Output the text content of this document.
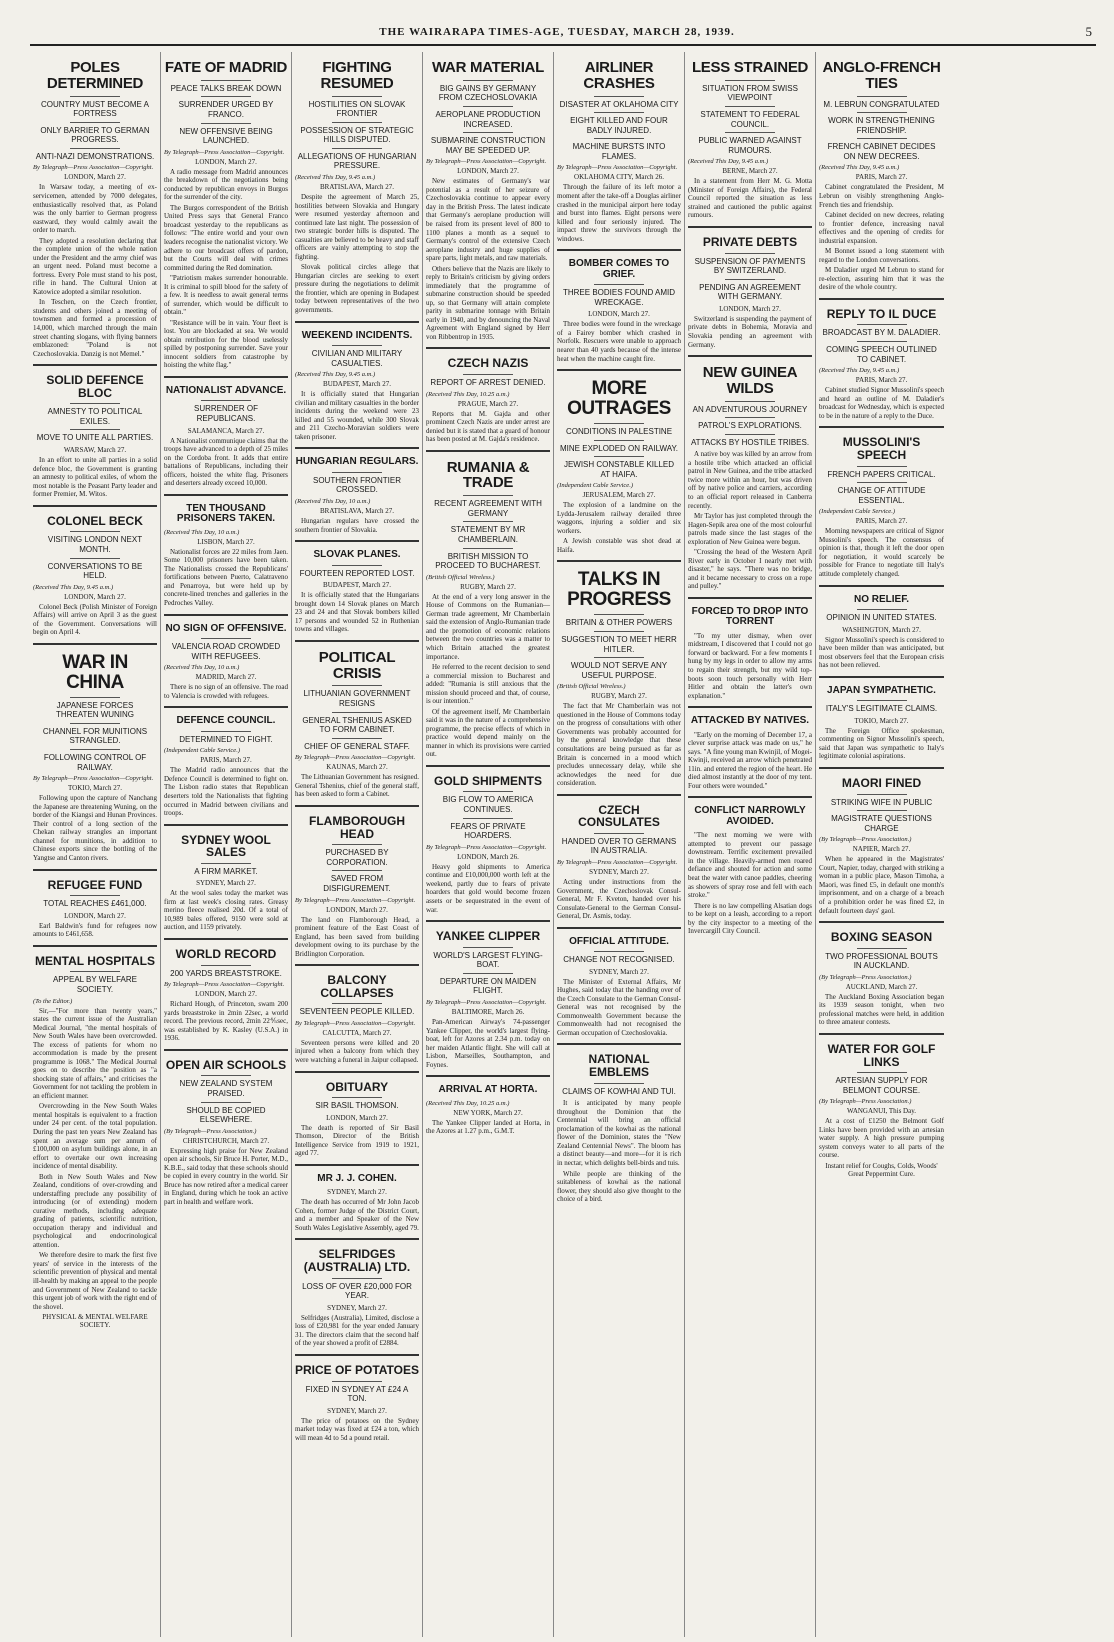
THE WAIRARAPA TIMES-AGE, TUESDAY, MARCH 28, 1939.	5
POLES DETERMINED
COUNTRY MUST BECOME A FORTRESS
ONLY BARRIER TO GERMAN PROGRESS.
ANTI-NAZI DEMONSTRATIONS.
By Telegraph—Press Association—Copyright.
LONDON, March 27.

In Warsaw today, a meeting of ex-servicemen, attended by 7000 delegates, enthusiastically resolved that, as Poland was the only barrier to German progress eastward, they would calmly await the order to march.

They adopted a resolution declaring that the complete union of the whole nation under the President and the army chief was an urgent need. Poland must become a fortress. Every Pole must stand to his post, rifle in hand. The Cultural Union at Katowice adopted a similar resolution.

In Teschen, on the Czech frontier, students and others joined a meeting of townsmen and formed a procession of 14,000, which marched through the main street chanting slogans, with flying banners emblazoned: "Poland is not Czechoslovakia. Danzig is not Memel."

SOLID DEFENCE BLOC
AMNESTY TO POLITICAL EXILES.
MOVE TO UNITE ALL PARTIES.
WARSAW, March 27.

In an effort to unite all parties in a solid defence bloc, the Government is granting an amnesty to political exiles, of whom the most notable is the Peasant Party leader and former Premier, M. Witos.

COLONEL BECK
VISITING LONDON NEXT MONTH.
CONVERSATIONS TO BE HELD.
(Received This Day, 9.45 a.m.)
LONDON, March 27.

Colonel Beck (Polish Minister of Foreign Affairs) will arrive on April 3 as the guest of the Government. Conversations will begin on April 4.

WAR IN CHINA
JAPANESE FORCES THREATEN WUNING
CHANNEL FOR MUNITIONS STRANGLED.
FOLLOWING CONTROL OF RAILWAY.
By Telegraph—Press Association—Copyright.
TOKIO, March 27.

Following upon the capture of Nanchang the Japanese are threatening Wuning, on the border of the Kiangsi and Hunan Provinces. Their control of a long section of the Chekan railway strangles an important channel for munitions, in addition to Chinese exports since the bottling of the Yangtse and Canton rivers.

REFUGEE FUND
TOTAL REACHES £461,000.
LONDON, March 27.

Earl Baldwin's fund for refugees now amounts to £461,658.

MENTAL HOSPITALS
APPEAL BY WELFARE SOCIETY.
(To the Editor.)

Sir,—"For more than twenty years," states the current issue of the Australian Medical Journal, "the mental hospitals of New South Wales have been overcrowded. The excess of patients for whom no accommodation is made by the present programme is 1068." The Medical Journal goes on to describe the position as "a shocking state of affairs," and criticises the Government for not tackling the problem in an efficient manner.

Overcrowding in the New South Wales mental hospitals is equivalent to a fraction under 24 per cent. of the total population. During the past ten years New Zealand has spent an average sum per annum of £100,000 on asylum buildings alone, in an effort to overtake our own increasing incidence of mental disability.

Both in New South Wales and New Zealand, conditions of over-crowding and understaffing preclude any possibility of introducing (or of extending) modern curative methods, including adequate grading of patients, scientific nutrition, occupation therapy and individual and psychological and endocrinological attention.

We therefore desire to mark the first five years' of service in the interests of the scientific prevention of physical and mental ill-health by making an appeal to the people and Government of New Zealand to tackle this urgent job of work with the right end of the shovel.

PHYSICAL & MENTAL WELFARE SOCIETY.
FATE OF MADRID
PEACE TALKS BREAK DOWN
SURRENDER URGED BY FRANCO.
NEW OFFENSIVE BEING LAUNCHED.
By Telegraph—Press Association—Copyright.
LONDON, March 27.

A radio message from Madrid announces the breakdown of the negotiations being conducted by republican envoys in Burgos for the surrender of the city.

The Burgos correspondent of the British United Press says that General Franco broadcast yesterday to the republicans as follows: "The entire world and your own leaders recognise the nationalist victory. We adhere to our broadcast offers of pardon, but the Courts will deal with crimes committed during the Red domination.

"Patriotism makes surrender honourable. It is criminal to spill blood for the safety of a few. It is needless to await general terms of surrender, which would be difficult to obtain."

"Resistance will be in vain. Your fleet is lost. You are blockaded at sea. We would obtain retribution for the blood uselessly spilled by postponing surrender. Save your innocent soldiers from catastrophe by hoisting the white flag."

NATIONALIST ADVANCE.
SURRENDER OF REPUBLICANS.
SALAMANCA, March 27.

A Nationalist communique claims that the troops have advanced to a depth of 25 miles on the Cordoba front. It adds that entire battalions of Republicans, including their officers, hoisted the white flag. Prisoners and deserters already exceed 10,000.

TEN THOUSAND PRISONERS TAKEN.
(Received This Day, 10 a.m.)
LISBON, March 27.

Nationalist forces are 22 miles from Jaen. Some 10,000 prisoners have been taken. The Nationalists crossed the Republicans' fortifications between Puerto, Calatraveno and Penarroya, but were held up by concrete-lined trenches and galleries in the Pedroches Valley.

NO SIGN OF OFFENSIVE.
VALENCIA ROAD CROWDED WITH REFUGEES.
(Received This Day, 10 a.m.)
MADRID, March 27.

There is no sign of an offensive. The road to Valencia is crowded with refugees.

DEFENCE COUNCIL.
DETERMINED TO FIGHT.
(Independent Cable Service.)
PARIS, March 27.

The Madrid radio announces that the Defence Council is determined to fight on. The Lisbon radio states that Republican deserters told the Nationalists that fighting occurred in Madrid between civilians and troops.

SYDNEY WOOL SALES
A FIRM MARKET.
SYDNEY, March 27.

At the wool sales today the market was firm at last week's closing rates. Greasy merino fleece realised 20d. Of a total of 10,989 bales offered, 9150 were sold at auction, and 1159 privately.

WORLD RECORD
200 YARDS BREASTSTROKE.
By Telegraph—Press Association—Copyright.
LONDON, March 27.

Richard Hough, of Princeton, swam 200 yards breaststroke in 2min 22sec, a world record. The previous record, 2min 22⅘sec, was established by K. Kasley (U.S.A.) in 1936.

OPEN AIR SCHOOLS
NEW ZEALAND SYSTEM PRAISED.
SHOULD BE COPIED ELSEWHERE.
(By Telegraph—Press Association.)
CHRISTCHURCH, March 27.

Expressing high praise for New Zealand open air schools, Sir Bruce H. Porter, M.D., K.B.E., said today that these schools should be copied in every country in the world. Sir Bruce has now retired after a medical career in England, during which he took an active part in health and welfare work.

FIGHTING RESUMED
HOSTILITIES ON SLOVAK FRONTIER
POSSESSION OF STRATEGIC HILLS DISPUTED.
ALLEGATIONS OF HUNGARIAN PRESSURE.
(Received This Day, 9.45 a.m.)
BRATISLAVA, March 27.

Despite the agreement of March 25, hostilities between Slovakia and Hungary were resumed yesterday afternoon and continued late last night. The possession of two strategic border hills is disputed. The casualties are believed to be heavy and staff officers are vainly attempting to stop the fighting.

Slovak political circles allege that Hungarian circles are seeking to exert pressure during the negotiations to delimit the frontier, which are opening in Budapest today between representatives of the two governments.

WEEKEND INCIDENTS.
CIVILIAN AND MILITARY CASUALTIES.
(Received This Day, 9.45 a.m.)
BUDAPEST, March 27.

It is officially stated that Hungarian civilian and military casualties in the border incidents during the weekend were 23 killed and 55 wounded, while 300 Slovak and 211 Czecho-Moravian soldiers were taken prisoner.

HUNGARIAN REGULARS.
SOUTHERN FRONTIER CROSSED.
(Received This Day, 10 a.m.)
BRATISLAVA, March 27.

Hungarian regulars have crossed the southern frontier of Slovakia.

SLOVAK PLANES.
FOURTEEN REPORTED LOST.
BUDAPEST, March 27.

It is officially stated that the Hungarians brought down 14 Slovak planes on March 23 and 24 and that Slovak bombers killed 17 persons and wounded 52 in Ruthenian towns and villages.

POLITICAL CRISIS
LITHUANIAN GOVERNMENT RESIGNS
GENERAL TSHENIUS ASKED TO FORM CABINET.
CHIEF OF GENERAL STAFF.
By Telegraph—Press Association—Copyright.
KAUNAS, March 27.

The Lithuanian Government has resigned. General Tshenius, chief of the general staff, has been asked to form a Cabinet.

FLAMBOROUGH HEAD
PURCHASED BY CORPORATION.
SAVED FROM DISFIGUREMENT.
By Telegraph—Press Association—Copyright.
LONDON, March 27.

The land on Flamborough Head, a prominent feature of the East Coast of England, has been saved from building development owing to its purchase by the Bridlington Corporation.

BALCONY COLLAPSES
SEVENTEEN PEOPLE KILLED.
By Telegraph—Press Association—Copyright.
CALCUTTA, March 27.

Seventeen persons were killed and 20 injured when a balcony from which they were watching a funeral in Jaipur collapsed.

OBITUARY
SIR BASIL THOMSON.
LONDON, March 27.

The death is reported of Sir Basil Thomson, Director of the British Intelligence Service from 1919 to 1921, aged 77.

MR J. J. COHEN.
SYDNEY, March 27.

The death has occurred of Mr John Jacob Cohen, former Judge of the District Court, and a member and Speaker of the New South Wales Legislative Assembly, aged 79.

SELFRIDGES (AUSTRALIA) LTD.
LOSS OF OVER £20,000 FOR YEAR.
SYDNEY, March 27.

Selfridges (Australia), Limited, disclose a loss of £20,981 for the year ended January 31. The directors claim that the second half of the year showed a profit of £2884.

PRICE OF POTATOES
FIXED IN SYDNEY AT £24 A TON.
SYDNEY, March 27.

The price of potatoes on the Sydney market today was fixed at £24 a ton, which will mean 4d to 5d a pound retail.

WAR MATERIAL
BIG GAINS BY GERMANY FROM CZECHOSLOVAKIA
AEROPLANE PRODUCTION INCREASED.
SUBMARINE CONSTRUCTION MAY BE SPEEDED UP.
By Telegraph—Press Association—Copyright.
LONDON, March 27.

New estimates of Germany's war potential as a result of her seizure of Czechoslovakia continue to appear every day in the British Press. The latest indicate that Germany's aeroplane production will be raised from its present level of 800 to 1100 planes a month as a sequel to Germany's control of the extensive Czech aeroplane industry and huge supplies of spare parts, light metals, and raw materials.

Others believe that the Nazis are likely to reply to Britain's criticism by giving orders immediately that the programme of submarine construction should be speeded up, so that Germany will attain complete parity in submarine tonnage with Britain early in 1940, and by denouncing the Naval Agreement with England signed by Herr von Ribbentrop in 1935.

CZECH NAZIS
REPORT OF ARREST DENIED.
(Received This Day, 10.25 a.m.)
PRAGUE, March 27.

Reports that M. Gajda and other prominent Czech Nazis are under arrest are denied but it is stated that a guard of honour has been posted at M. Gajda's residence.

RUMANIA & TRADE
RECENT AGREEMENT WITH GERMANY
STATEMENT BY MR CHAMBERLAIN.
BRITISH MISSION TO PROCEED TO BUCHAREST.
(British Official Wireless.)
RUGBY, March 27.

At the end of a very long answer in the House of Commons on the Rumanian—German trade agreement, Mr Chamberlain said the extension of Anglo-Rumanian trade and the promotion of economic relations between the two countries was a matter to which Britain attached the greatest importance.

He referred to the recent decision to send a commercial mission to Bucharest and added: "Rumania is still anxious that the mission should proceed and that, of course, is our intention."

Of the agreement itself, Mr Chamberlain said it was in the nature of a comprehensive programme, the precise effects of which in practice would depend mainly on the manner in which its provisions were carried out.

GOLD SHIPMENTS
BIG FLOW TO AMERICA CONTINUES.
FEARS OF PRIVATE HOARDERS.
By Telegraph—Press Association—Copyright.
LONDON, March 26.

Heavy gold shipments to America continue and £10,000,000 worth left at the weekend, partly due to fears of private hoarders that gold would become frozen assets or be sequestrated in the event of war.

YANKEE CLIPPER
WORLD'S LARGEST FLYING-BOAT.
DEPARTURE ON MAIDEN FLIGHT.
By Telegraph—Press Association—Copyright.
BALTIMORE, March 26.

Pan-American Airway's 74-passenger Yankee Clipper, the world's largest flying-boat, left for Azores at 2.34 p.m. today on her maiden Atlantic flight. She will call at Lisbon, Marseilles, Southampton, and Foynes.

ARRIVAL AT HORTA.
(Received This Day, 10.25 a.m.)
NEW YORK, March 27.

The Yankee Clipper landed at Horta, in the Azores at 1.27 p.m., G.M.T.

AIRLINER CRASHES
DISASTER AT OKLAHOMA CITY
EIGHT KILLED AND FOUR BADLY INJURED.
MACHINE BURSTS INTO FLAMES.
By Telegraph—Press Association—Copyright.
OKLAHOMA CITY, March 26.

Through the failure of its left motor a moment after the take-off a Douglas airliner crashed in the municipal airport here today and burst into flames. Eight persons were killed and four seriously injured. The impact threw the survivors through the windows.

BOMBER COMES TO GRIEF.
THREE BODIES FOUND AMID WRECKAGE.
LONDON, March 27.

Three bodies were found in the wreckage of a Fairey bomber which crashed in Norfolk. Rescuers were unable to approach nearer than 40 yards because of the intense heat when the machine caught fire.

MORE OUTRAGES
CONDITIONS IN PALESTINE
MINE EXPLODED ON RAILWAY.
JEWISH CONSTABLE KILLED AT HAIFA.
(Independent Cable Service.)
JERUSALEM, March 27.

The explosion of a landmine on the Lydda-Jerusalem railway derailed three waggons, injuring a soldier and six workers.

A Jewish constable was shot dead at Haifa.

TALKS IN PROGRESS
BRITAIN & OTHER POWERS
SUGGESTION TO MEET HERR HITLER.
WOULD NOT SERVE ANY USEFUL PURPOSE.
(British Official Wireless.)
RUGBY, March 27.

The fact that Mr Chamberlain was not questioned in the House of Commons today on the progress of consultations with other Governments was probably accounted for by the general knowledge that these consultations are being pursued as far as Britain is concerned in a mood which precludes unnecessary delay, while she acknowledges the need for due consideration.

CZECH CONSULATES
HANDED OVER TO GERMANS IN AUSTRALIA.
By Telegraph—Press Association—Copyright.
SYDNEY, March 27.

Acting under instructions from the Government, the Czechoslovak Consul-General, Mr F. Kveton, handed over his Consulate-General to the German Consul-General, Dr. Asmis, today.

OFFICIAL ATTITUDE.
CHANGE NOT RECOGNISED.
SYDNEY, March 27.

The Minister of External Affairs, Mr Hughes, said today that the handing over of the Czech Consulate to the German Consul-General was not recognised by the Commonwealth Government because the Commonwealth had not recognised the German occupation of Czechoslovakia.

NATIONAL EMBLEMS
CLAIMS OF KOWHAI AND TUI.

It is anticipated by many people throughout the Dominion that the Centennial will bring an official proclamation of the kowhai as the national flower of the Dominion, states the "New Zealand Centennial News". The bloom has a distinct beauty—and more—for it is rich in nectar, which delights bell-birds and tuis.

While people are thinking of the suitableness of kowhai as the national flower, they should also give thought to the choice of a bird.

LESS STRAINED
SITUATION FROM SWISS VIEWPOINT
STATEMENT TO FEDERAL COUNCIL.
PUBLIC WARNED AGAINST RUMOURS.
(Received This Day, 9.45 a.m.)
BERNE, March 27.

In a statement from Herr M. G. Motta (Minister of Foreign Affairs), the Federal Council reported the situation as less strained and cautioned the public against rumours.

PRIVATE DEBTS
SUSPENSION OF PAYMENTS BY SWITZERLAND.
PENDING AN AGREEMENT WITH GERMANY.
LONDON, March 27.

Switzerland is suspending the payment of private debts in Bohemia, Moravia and Slovakia pending an agreement with Germany.

NEW GUINEA WILDS
AN ADVENTUROUS JOURNEY
PATROL'S EXPLORATIONS.
ATTACKS BY HOSTILE TRIBES.

A native boy was killed by an arrow from a hostile tribe which attacked an official patrol in New Guinea, and the tribe attacked twice more within an hour, but was driven off by native police and carriers, according to an official report released in Canberra recently.

Mr Taylor has just completed through the Hagen-Sepik area one of the most colourful patrols made since the last stages of the exploration of New Guinea were begun.

"Crossing the head of the Western April River early in October I nearly met with disaster," he says. "There was no bridge, and it became necessary to cross on a rope and pulley."

FORCED TO DROP INTO TORRENT

"To my utter dismay, when over midstream, I discovered that I could not go forward or backward. For a few moments I hung by my legs in order to allow my arms to regain their strength, but my wild top-boots soon touch personally with Herr Hitler and obtain the latter's own explanation."

ATTACKED BY NATIVES.

"Early on the morning of December 17, a clever surprise attack was made on us," he says. "A fine young man Kwinjil, of Mogei-Kwinji, received an arrow which penetrated 11in. and entered the region of the heart. He died almost instantly at the door of my tent. Four others were wounded."

CONFLICT NARROWLY AVOIDED.

"The next morning we were with attempted to prevent our passage downstream. Terrific excitement prevailed in the village. Heavily-armed men roared defiance and shouted for action and some beat the water with canoe paddles, cheering as showers of spray rose and fell with each stroke."

There is no law compelling Alsatian dogs to be kept on a leash, according to a report by the city inspector to a meeting of the Invercargill City Council.

ANGLO-FRENCH TIES
M. LEBRUN CONGRATULATED
WORK IN STRENGTHENING FRIENDSHIP.
FRENCH CABINET DECIDES ON NEW DECREES.
(Received This Day, 9.45 a.m.)
PARIS, March 27.

Cabinet congratulated the President, M Lebrun on visibly strengthening Anglo-French ties and friendship.

Cabinet decided on new decrees, relating to frontier defence, increasing naval effectives and the opening of credits for industrial expansion.

M Bonnet issued a long statement with regard to the London conversations.

M Daladier urged M Lebrun to stand for re-election, assuring him that it was the desire of the whole country.

REPLY TO IL DUCE
BROADCAST BY M. DALADIER.
COMING SPEECH OUTLINED TO CABINET.
(Received This Day, 9.45 a.m.)
PARIS, March 27.

Cabinet studied Signor Mussolini's speech and heard an outline of M. Daladier's broadcast for Wednesday, which is expected to be in the nature of a reply to the Duce.

MUSSOLINI'S SPEECH
FRENCH PAPERS CRITICAL.
CHANGE OF ATTITUDE ESSENTIAL.
(Independent Cable Service.)
PARIS, March 27.

Morning newspapers are critical of Signor Mussolini's speech. The consensus of opinion is that, though it left the door open for negotiation, it would scarcely be possible for France to negotiate till Italy's attitude completely changed.

NO RELIEF.
OPINION IN UNITED STATES.
WASHINGTON, March 27.

Signor Mussolini's speech is considered to have been milder than was anticipated, but most observers feel that the European crisis has not been relieved.

JAPAN SYMPATHETIC.
ITALY'S LEGITIMATE CLAIMS.
TOKIO, March 27.

The Foreign Office spokesman, commenting on Signor Mussolini's speech, said that Japan was sympathetic to Italy's legitimate colonial aspirations.

MAORI FINED
STRIKING WIFE IN PUBLIC
MAGISTRATE QUESTIONS CHARGE
(By Telegraph—Press Association.)
NAPIER, March 27.

When he appeared in the Magistrates' Court, Napier, today, charged with striking a woman in a public place, Mason Timoha, a Maori, was fined £5, in default one month's imprisonment, and on a charge of a breach of a prohibition order he was fined £2, in default fourteen days' gaol.

BOXING SEASON
TWO PROFESSIONAL BOUTS IN AUCKLAND.
(By Telegraph—Press Association.)
AUCKLAND, March 27.

The Auckland Boxing Association began its 1939 season tonight, when two professional matches were held, in addition to three amateur contests.

WATER FOR GOLF LINKS
ARTESIAN SUPPLY FOR BELMONT COURSE.
(By Telegraph—Press Association.)
WANGANUI, This Day.

At a cost of £1250 the Belmont Golf Links have been provided with an artesian water supply. A high pressure pumping system conveys water to all parts of the course.

Instant relief for Coughs, Colds, Woods' Great Peppermint Cure.
